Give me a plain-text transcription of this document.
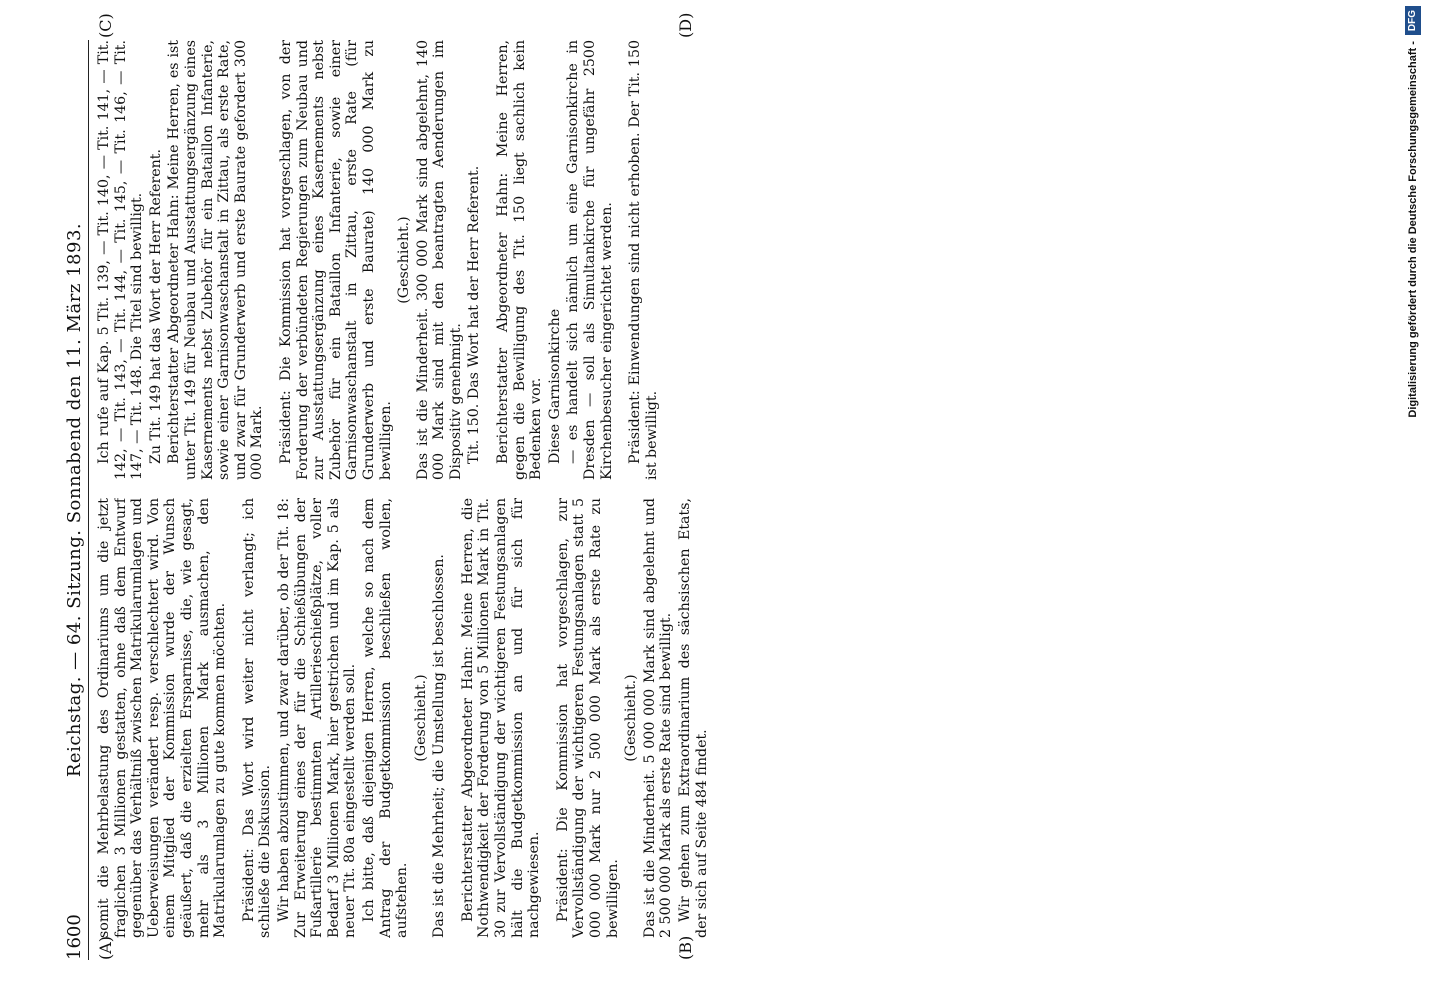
1600
Reichstag. — 64. Sitzung. Sonnabend den 11. März 1893.
(A)	(B)
(C)	(D)

somit die Mehrbelastung des Ordinariums um die jetzt fraglichen 3 Millionen gestatten, ohne daß dem Entwurf gegenüber das Verhältniß zwischen Matrikularumlagen und Ueberweisungen verändert resp. verschlechtert wird. Von einem Mitglied der Kommission wurde der Wunsch geäußert, daß die erzielten Ersparnisse, die, wie gesagt, mehr als 3 Millionen Mark ausmachen, den Matrikularumlagen zu gute kommen möchten. Präsident: Das Wort wird weiter nicht verlangt; ich schließe die Diskussion. Wir haben abzustimmen, und zwar darüber, ob der Tit. 18: Zur Erweiterung eines der für die Schießübungen der Fußartillerie bestimmten Artillerieschießplätze, voller Bedarf 3 Millionen Mark, hier gestrichen und im Kap. 5 als neuer Tit. 80a eingestellt werden soll. Ich bitte, daß diejenigen Herren, welche so nach dem Antrag der Budgetkommission beschließen wollen, aufstehen.

(Geschieht.) Das ist die Mehrheit; die Umstellung ist beschlossen. Berichterstatter Abgeordneter Hahn: Meine Herren, die Nothwendigkeit der Forderung von 5 Millionen Mark in Tit. 30 zur Vervollständigung der wichtigeren Festungsanlagen hält die Budgetkommission an und für sich für nachgewiesen. Präsident: Die Kommission hat vorgeschlagen, zur Vervollständigung der wichtigeren Festungsanlagen statt 5 000 000 Mark nur 2 500 000 Mark als erste Rate zu bewilligen.

(Geschieht.) Das ist die Minderheit. 5 000 000 Mark sind abgelehnt und 2 500 000 Mark als erste Rate sind bewilligt. Wir gehen zum Extraordinarium des sächsischen Etats, der sich auf Seite 484 findet.

Ich rufe auf Kap. 5 Tit. 139, — Tit. 140, — Tit. 141, — Tit. 142, — Tit. 143, — Tit. 144, — Tit. 145, — Tit. 146, — Tit. 147, — Tit. 148. Die Titel sind bewilligt. Zu Tit. 149 hat das Wort der Herr Referent. Berichterstatter Abgeordneter Hahn: Meine Herren, es ist unter Tit. 149 für Neubau und Ausstattungsergänzung eines Kasernements nebst Zubehör für ein Bataillon Infanterie, sowie einer Garnisonwaschanstalt in Zittau, als erste Rate, und zwar für Grunderwerb und erste Baurate gefordert 300 000 Mark. Präsident: Die Kommission hat vorgeschlagen, von der Forderung der verbündeten Regierungen zum Neubau und zur Ausstattungsergänzung eines Kasernements nebst Zubehör für ein Bataillon Infanterie, sowie einer Garnisonwaschanstalt in Zittau, erste Rate (für Grunderwerb und erste Baurate) 140 000 Mark zu bewilligen.

(Geschieht.) Das ist die Minderheit. 300 000 Mark sind abgelehnt, 140 000 Mark sind mit den beantragten Aenderungen im Dispositiv genehmigt. Tit. 150. Das Wort hat der Herr Referent. Berichterstatter Abgeordneter Hahn: Meine Herren, gegen die Bewilligung des Tit. 150 liegt sachlich kein Bedenken vor. Diese Garnisonkirche — es handelt sich nämlich um eine Garnisonkirche in Dresden — soll als Simultankirche für ungefähr 2500 Kirchenbesucher eingerichtet werden. Präsident: Einwendungen sind nicht erhoben. Der Tit. 150 ist bewilligt.

Digitalisierung gefördert durch die Deutsche Forschungsgemeinschaft -DFG
